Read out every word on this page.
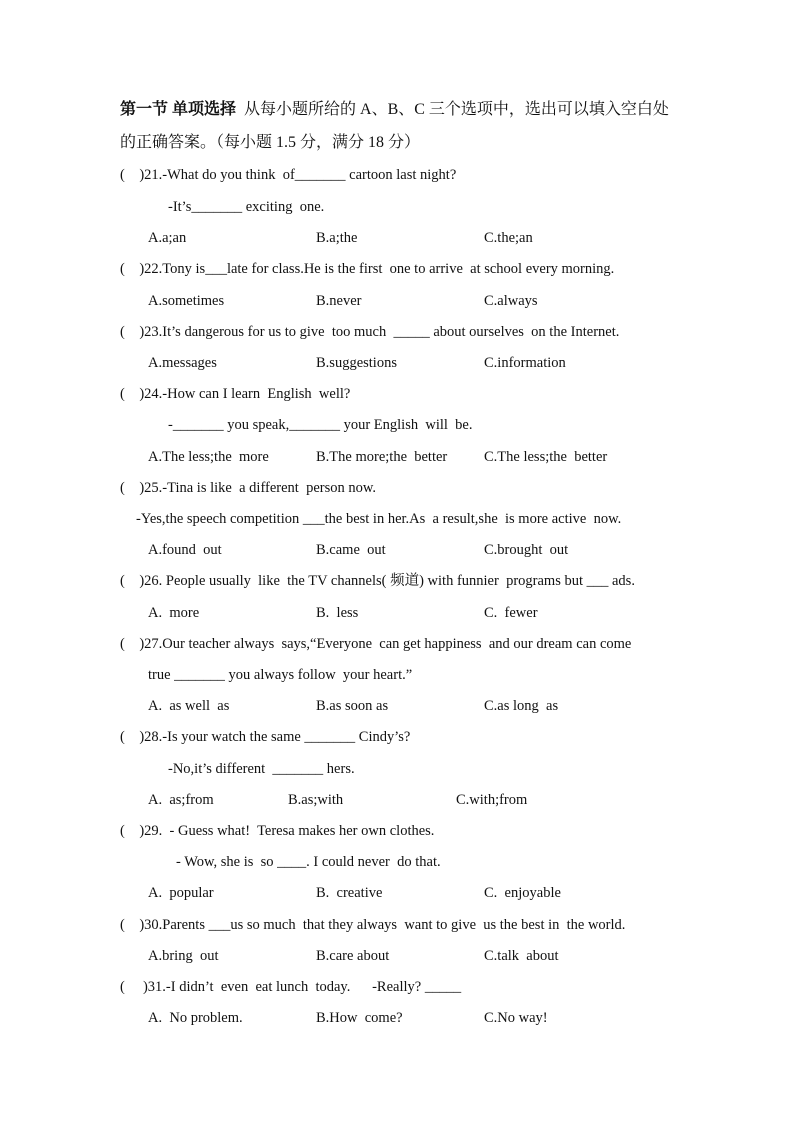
第一节 单项选择 从每小题所给的 A、B、C 三个选项中，选出可以填入空白处
的正确答案。（每小题 1.5 分，满分 18 分）
(    )21.-What do you think  of_______ cartoon last night?
-It’s_______ exciting  one.
A.a;an	B.a;the	C.the;an
(    )22.Tony is___late for class.He is the first  one to arrive  at school every morning.
A.sometimes	B.never	C.always
(    )23.It’s dangerous for us to give  too much  _____ about ourselves  on the Internet.
A.messages	B.suggestions	C.information
(    )24.-How can I learn  English  well?
-_______ you speak,_______ your English  will  be.
A.The less;the  more	B.The more;the  better	C.The less;the  better
(    )25.-Tina is like  a different  person now.
-Yes,the speech competition ___the best in her.As  a result,she  is more active  now.
A.found  out	B.came  out	C.brought  out
(    )26. People usually  like  the TV channels( 频道) with funnier  programs but ___ ads.
A.  more	B.  less	C.  fewer
(    )27.Our teacher always  says,“Everyone  can get happiness  and our dream can come
true _______ you always follow  your heart.”
A.  as well  as	B.as soon as	C.as long  as
(    )28.-Is your watch the same _______ Cindy’s?
-No,it’s different  _______ hers.
A.  as;from	B.as;with	C.with;from
(    )29.  - Guess what!  Teresa makes her own clothes.
- Wow, she is  so ____. I could never  do that.
A.  popular	B.  creative	C.  enjoyable
(    )30.Parents ___us so much  that they always  want to give  us the best in  the world.
A.bring  out	B.care about	C.talk  about
(     )31.-I didn’t  even  eat lunch  today.      -Really? _____
A.  No problem.	B.How  come?	C.No way!
